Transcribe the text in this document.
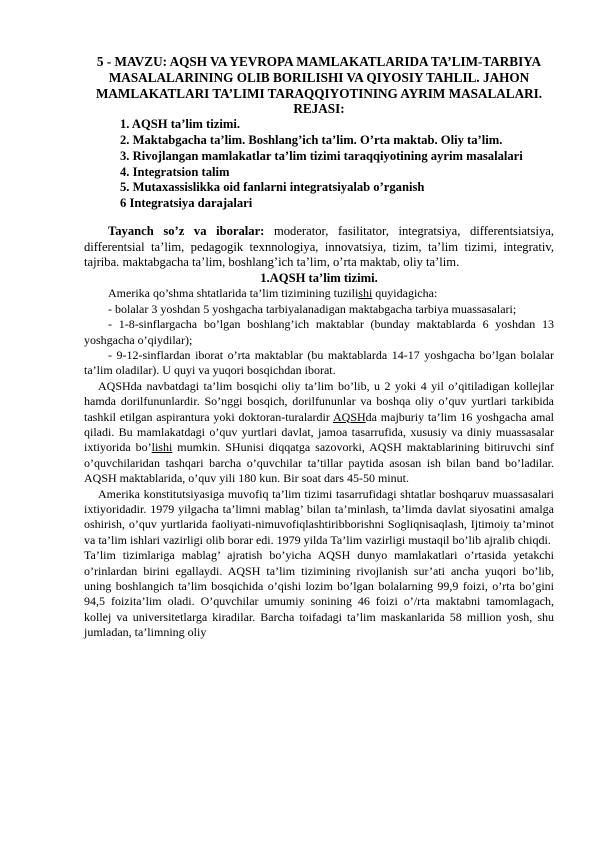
5 - MAVZU: AQSH VA YEVROPA MAMLAKATLARIDA TA’LIM-TARBIYA MASALALARINING OLIB BORILISHI VA QIYOSIY TAHLIL. JAHON MAMLAKATLARI TA’LIMI TARAQQIYOTINING AYRIM MASALALARI.

REJASI:

1. AQSH ta’lim tizimi.
2. Maktabgacha ta’lim. Boshlang’ich ta’lim. O’rta maktab. Oliy ta’lim.
3. Rivojlangan mamlakatlar ta’lim tizimi taraqqiyotining ayrim masalalari
4. Integratsion talim
5. Mutaxassislikka oid fanlarni integratsiyalab o’rganish
6 Integratsiya darajalari

Tayanch so’z va iboralar: moderator, fasilitator, integratsiya, differentsiatsiya, differentsial ta’lim, pedagogik texnnologiya, innovatsiya, tizim, ta’lim tizimi, integrativ, tajriba. maktabgacha ta’lim, boshlang’ich ta’lim, o’rta maktab, oliy ta’lim.

1.AQSH ta’lim tizimi.

Amerika qo’shma shtatlarida ta’lim tizimining tuzilishi quyidagicha:

- bolalar 3 yoshdan 5 yoshgacha tarbiyalanadigan maktabgacha tarbiya muassasalari;

- 1-8-sinflargacha bo’lgan boshlang’ich maktablar (bunday maktablarda 6 yoshdan 13 yoshgacha o’qiydilar);

- 9-12-sinflardan iborat o’rta maktablar (bu maktablarda 14-17 yoshgacha bo’lgan bolalar ta’lim oladilar). U quyi va yuqori bosqichdan iborat.

AQSHda navbatdagi ta’lim bosqichi oliy ta’lim bo’lib, u 2 yoki 4 yil o’qitiladigan kollejlar hamda dorilfununlardir. So’nggi bosqich, dorilfununlar va boshqa oliy o’quv yurtlari tarkibida tashkil etilgan aspirantura yoki doktoran-turalardir AQSHda majburiy ta’lim 16 yoshgacha amal qiladi. Bu mamlakatdagi o’quv yurtlari davlat, jamoa tasarrufida, xususiy va diniy muassasalar ixtiyorida bo’lishi mumkin. SHunisi diqqatga sazovorki, AQSH maktablarining bitiruvchi sinf o’quvchilaridan tashqari barcha o’quvchilar ta’tillar paytida asosan ish bilan band bo’ladilar. AQSH maktablarida, o’quv yili 180 kun. Bir soat dars 45-50 minut.

Amerika konstitutsiyasiga muvofiq ta’lim tizimi tasarrufidagi shtatlar boshqaruv muassasalari ixtiyoridadir. 1979 yilgacha ta’limni mablag’ bilan ta’minlash, ta’limda davlat siyosatini amalga oshirish, o’quv yurtlarida faoliyati-nimuvofiqlashtiribborishni Sogliqnisaqlash, Ijtimoiy ta’minot va ta’lim ishlari vazirligi olib borar edi. 1979 yilda Ta’lim vazirligi mustaqil bo’lib ajralib chiqdi.

Ta’lim tizimlariga mablag’ ajratish bo’yicha AQSH dunyo mamlakatlari o’rtasida yetakchi o’rinlardan birini egallaydi. AQSH ta’lim tizimining rivojlanish sur’ati ancha yuqori bo’lib, uning boshlangich ta’lim bosqichida o’qishi lozim bo’lgan bolalarning 99,9 foizi, o’rta bo’gini 94,5 foizita’lim oladi. O’quvchilar umumiy sonining 46 foizi o’/rta maktabni tamomlagach, kollej va universitetlarga kiradilar. Barcha toifadagi ta’lim maskanlarida 58 million yosh, shu jumladan, ta’limning oliy
